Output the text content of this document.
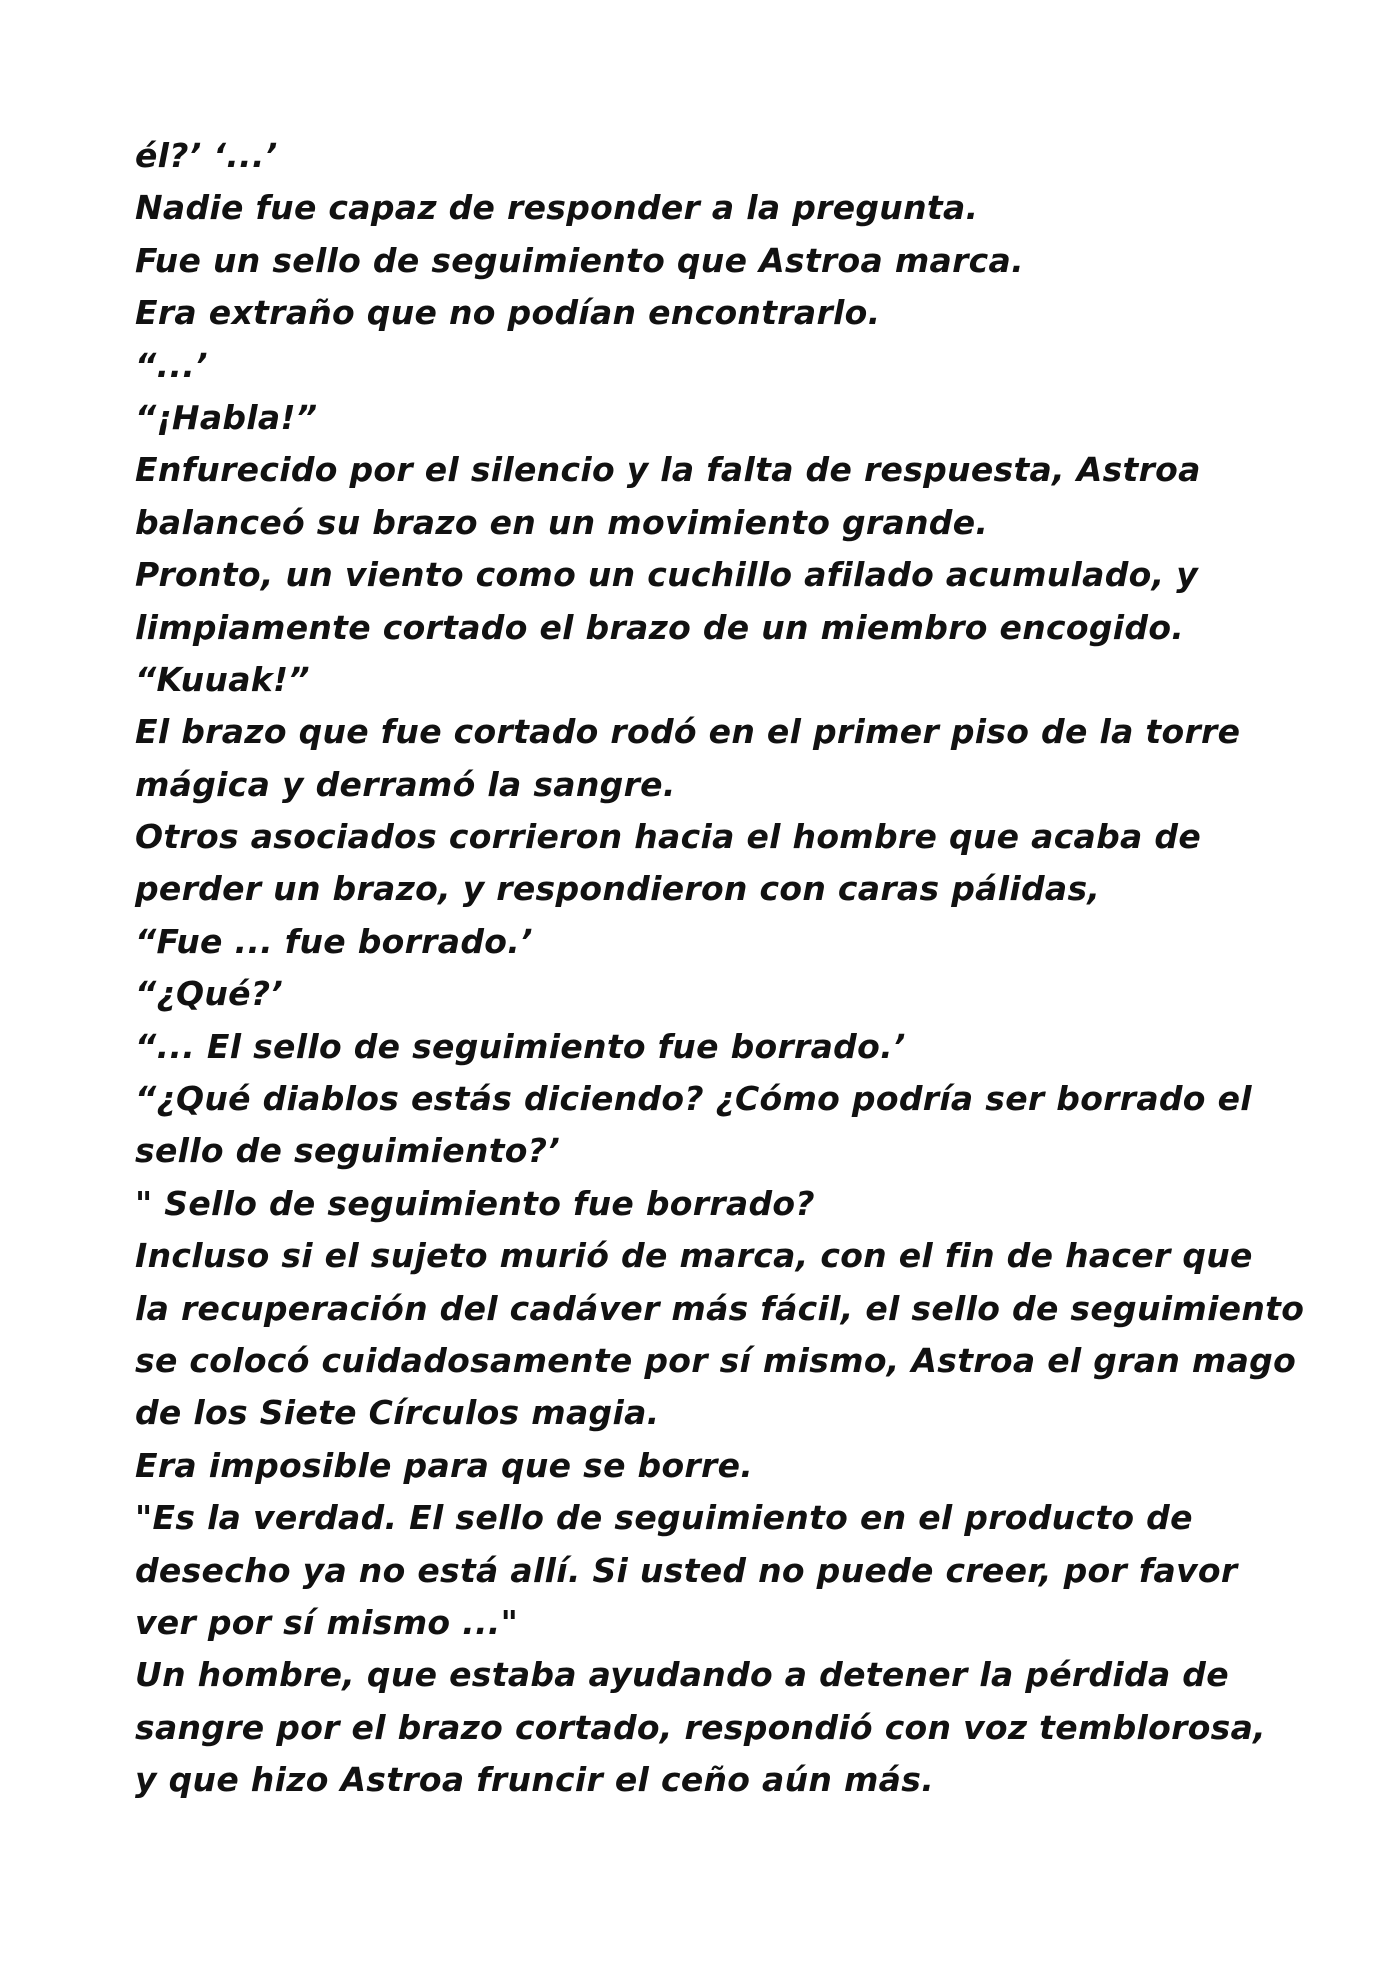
él?’ ‘...’
Nadie fue capaz de responder a la pregunta.
Fue un sello de seguimiento que Astroa marca.
Era extraño que no podían encontrarlo.
“...’
“¡Habla!”
Enfurecido por el silencio y la falta de respuesta, Astroa
balanceó su brazo en un movimiento grande.
Pronto, un viento como un cuchillo afilado acumulado, y
limpiamente cortado el brazo de un miembro encogido.
“Kuuak!”
El brazo que fue cortado rodó en el primer piso de la torre
mágica y derramó la sangre.
Otros asociados corrieron hacia el hombre que acaba de
perder un brazo, y respondieron con caras pálidas,
“Fue ... fue borrado.’
“¿Qué?’
“... El sello de seguimiento fue borrado.’
“¿Qué diablos estás diciendo? ¿Cómo podría ser borrado el
sello de seguimiento?’
" Sello de seguimiento fue borrado?
Incluso si el sujeto murió de marca, con el fin de hacer que
la recuperación del cadáver más fácil, el sello de seguimiento
se colocó cuidadosamente por sí mismo, Astroa el gran mago
de los Siete Círculos magia.
Era imposible para que se borre.
"Es la verdad. El sello de seguimiento en el producto de
desecho ya no está allí. Si usted no puede creer, por favor
ver por sí mismo ..."
Un hombre, que estaba ayudando a detener la pérdida de
sangre por el brazo cortado, respondió con voz temblorosa,
y que hizo Astroa fruncir el ceño aún más.
